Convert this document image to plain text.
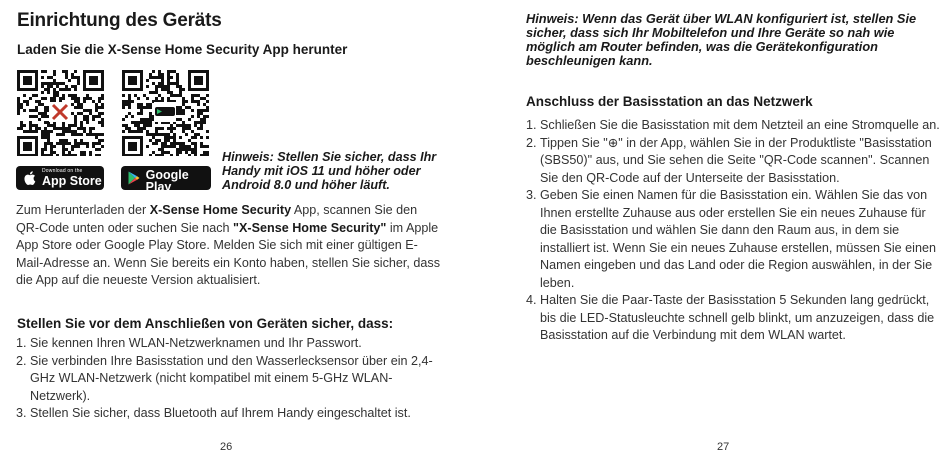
Einrichtung des Geräts
Laden Sie die X-Sense Home Security App herunter
Download on the
App Store
GET IT ON
Google Play
Hinweis: Stellen Sie sicher, dass Ihr
Handy mit iOS 11 und höher oder
Android 8.0 und höher läuft.
Zum Herunterladen der X-Sense Home Security App, scannen Sie den QR-Code unten oder suchen Sie nach "X-Sense Home Security" im Apple App Store oder Google Play Store. Melden Sie sich mit einer gültigen E-Mail-Adresse an. Wenn Sie bereits ein Konto haben, stellen Sie sicher, dass die App auf die neueste Version aktualisiert.
Stellen Sie vor dem Anschließen von Geräten sicher, dass:
1. Sie kennen Ihren WLAN-Netzwerknamen und Ihr Passwort.
2. Sie verbinden Ihre Basisstation und den Wasserlecksensor über ein 2,4-GHz WLAN-Netzwerk (nicht kompatibel mit einem 5-GHz WLAN-Netzwerk).
3. Stellen Sie sicher, dass Bluetooth auf Ihrem Handy eingeschaltet ist.
26
Hinweis: Wenn das Gerät über WLAN konfiguriert ist, stellen Sie sicher, dass sich Ihr Mobiltelefon und Ihre Geräte so nah wie möglich am Router befinden, was die Gerätekonfiguration beschleunigen kann.
Anschluss der Basisstation an das Netzwerk
1. Schließen Sie die Basisstation mit dem Netzteil an eine Stromquelle an.
2. Tippen Sie "⊕" in der App, wählen Sie in der Produktliste "Basisstation (SBS50)" aus, und Sie sehen die Seite "QR-Code scannen". Scannen Sie den QR-Code auf der Unterseite der Basisstation.
3. Geben Sie einen Namen für die Basisstation ein. Wählen Sie das von Ihnen erstellte Zuhause aus oder erstellen Sie ein neues Zuhause für die Basisstation und wählen Sie dann den Raum aus, in dem sie installiert ist. Wenn Sie ein neues Zuhause erstellen, müssen Sie einen Namen eingeben und das Land oder die Region auswählen, in der Sie leben.
4. Halten Sie die Paar-Taste der Basisstation 5 Sekunden lang gedrückt, bis die LED-Statusleuchte schnell gelb blinkt, um anzuzeigen, dass die Basisstation auf die Verbindung mit dem WLAN wartet.
27
